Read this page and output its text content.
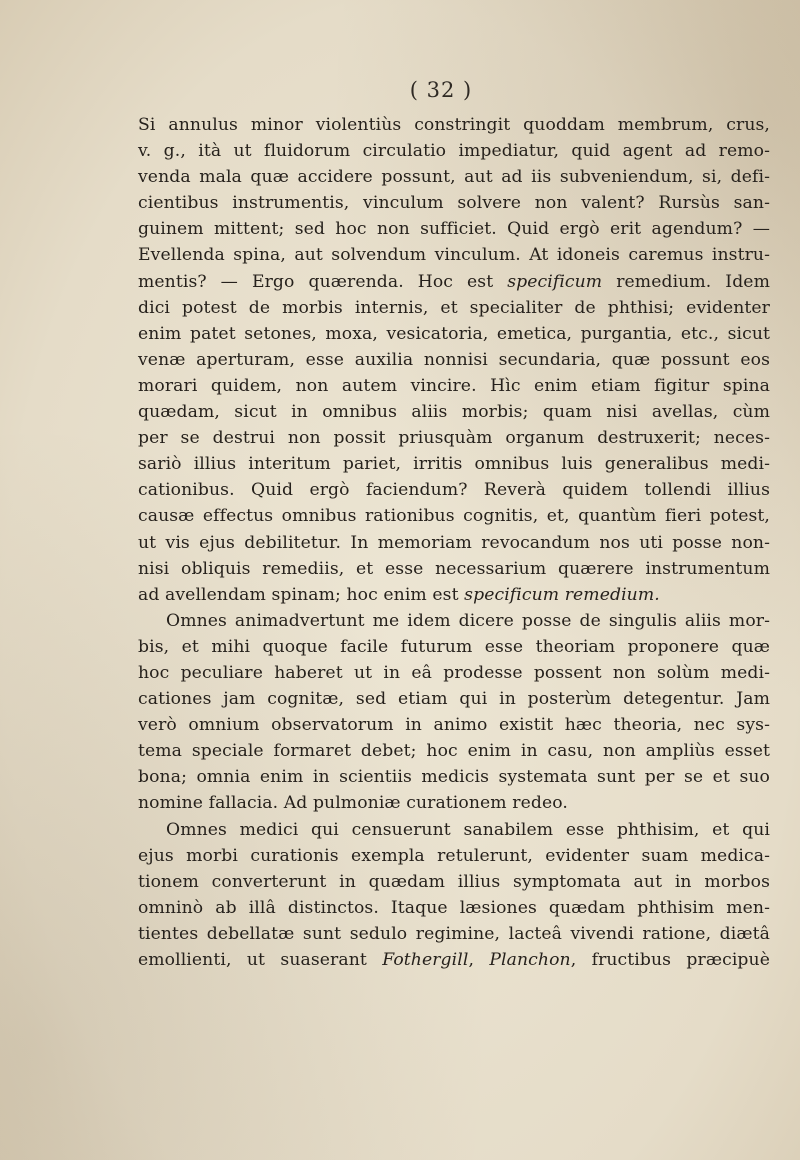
( 32 )
Si annulus minor violentiùs constringit quoddam membrum, crus,
v. g., ità ut fluidorum circulatio impediatur, quid agent ad remo-
venda mala quæ accidere possunt, aut ad iis subveniendum, si, defi-
cientibus instrumentis, vinculum solvere non valent? Rursùs san-
guinem mittent; sed hoc non sufficiet. Quid ergò erit agendum? —
Evellenda spina, aut solvendum vinculum. At idoneis caremus instru-
mentis? — Ergo quærenda. Hoc est specificum remedium. Idem
dici potest de morbis internis, et specialiter de phthisi; evidenter
enim patet setones, moxa, vesicatoria, emetica, purgantia, etc., sicut
venæ aperturam, esse auxilia nonnisi secundaria, quæ possunt eos
morari quidem, non autem vincire. Hìc enim etiam figitur spina
quædam, sicut in omnibus aliis morbis; quam nisi avellas, cùm
per se destrui non possit priusquàm organum destruxerit; neces-
sariò illius interitum pariet, irritis omnibus luis generalibus medi-
cationibus. Quid ergò faciendum? Reverà quidem tollendi illius
causæ effectus omnibus rationibus cognitis, et, quantùm fieri potest,
ut vis ejus debilitetur. In memoriam revocandum nos uti posse non-
nisi obliquis remediis, et esse necessarium quærere instrumentum
ad avellendam spinam; hoc enim est specificum remedium.
Omnes animadvertunt me idem dicere posse de singulis aliis mor-
bis, et mihi quoque facile futurum esse theoriam proponere quæ
hoc peculiare haberet ut in eâ prodesse possent non solùm medi-
cationes jam cognitæ, sed etiam qui in posterùm detegentur. Jam
verò omnium observatorum in animo existit hæc theoria, nec sys-
tema speciale formaret debet; hoc enim in casu, non ampliùs esset
bona; omnia enim in scientiis medicis systemata sunt per se et suo
nomine fallacia. Ad pulmoniæ curationem redeo.
Omnes medici qui censuerunt sanabilem esse phthisim, et qui
ejus morbi curationis exempla retulerunt, evidenter suam medica-
tionem converterunt in quædam illius symptomata aut in morbos
omninò ab illâ distinctos. Itaque læsiones quædam phthisim men-
tientes debellatæ sunt sedulo regimine, lacteâ vivendi ratione, diætâ
emollienti, ut suaserant Fothergill, Planchon, fructibus præcipuè
